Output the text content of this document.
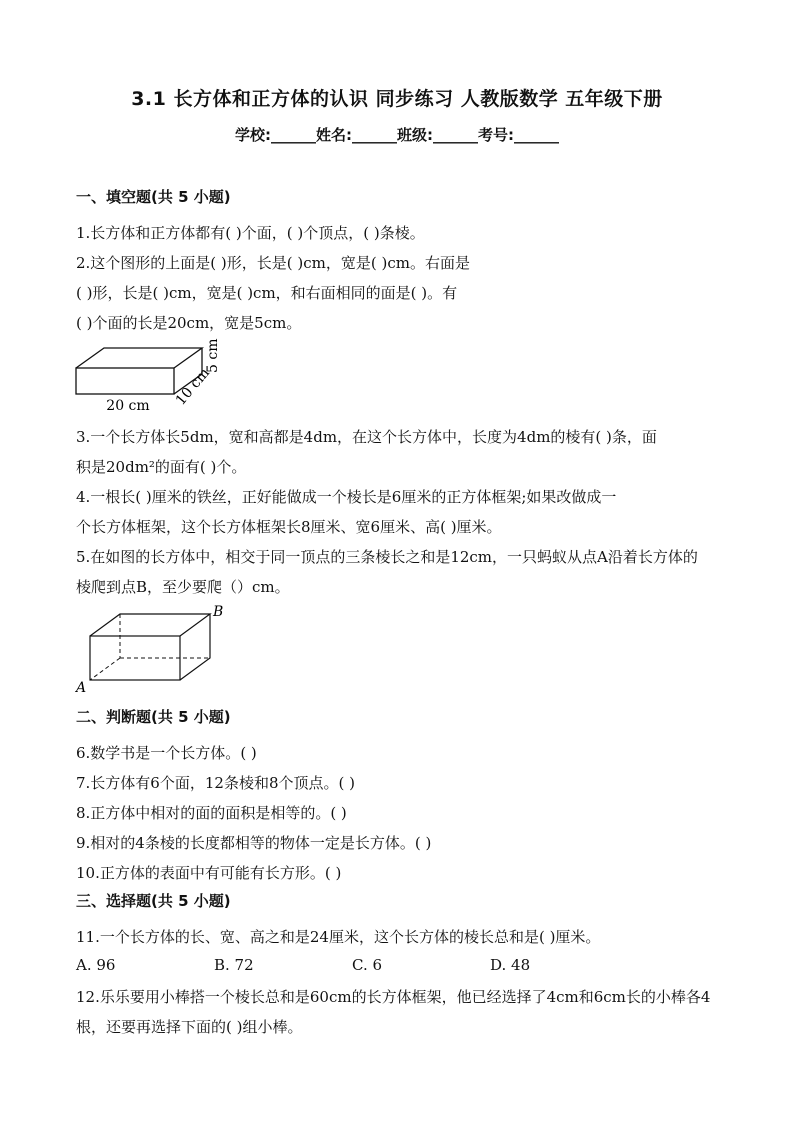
3.1 长方体和正方体的认识 同步练习 人教版数学 五年级下册
学校:______姓名:______班级:______考号:______
一、填空题(共 5 小题)
1.长方体和正方体都有( )个面，( )个顶点，( )条棱。
2.这个图形的上面是( )形，长是( )cm，宽是( )cm。右面是
( )形，长是( )cm，宽是( )cm，和右面相同的面是( )。有
( )个面的长是20cm，宽是5cm。
20 cm 10 cm
5 cm
3.一个长方体长5dm，宽和高都是4dm，在这个长方体中，长度为4dm的棱有( )条，面
积是20dm²的面有( )个。
4.一根长( )厘米的铁丝，正好能做成一个棱长是6厘米的正方体框架;如果改做成一
个长方体框架，这个长方体框架长8厘米、宽6厘米、高( )厘米。
5.在如图的长方体中，相交于同一顶点的三条棱长之和是12cm，一只蚂蚁从点A沿着长方体的
棱爬到点B，至少要爬（）cm。
A
B
二、判断题(共 5 小题)
6.数学书是一个长方体。( )
7.长方体有6个面，12条棱和8个顶点。( )
8.正方体中相对的面的面积是相等的。( )
9.相对的4条棱的长度都相等的物体一定是长方体。( )
10.正方体的表面中有可能有长方形。( )
三、选择题(共 5 小题)
11.一个长方体的长、宽、高之和是24厘米，这个长方体的棱长总和是( )厘米。
A. 96	B. 72	C. 6	D. 48
12.乐乐要用小棒搭一个棱长总和是60cm的长方体框架，他已经选择了4cm和6cm长的小棒各4
根，还要再选择下面的( )组小棒。
